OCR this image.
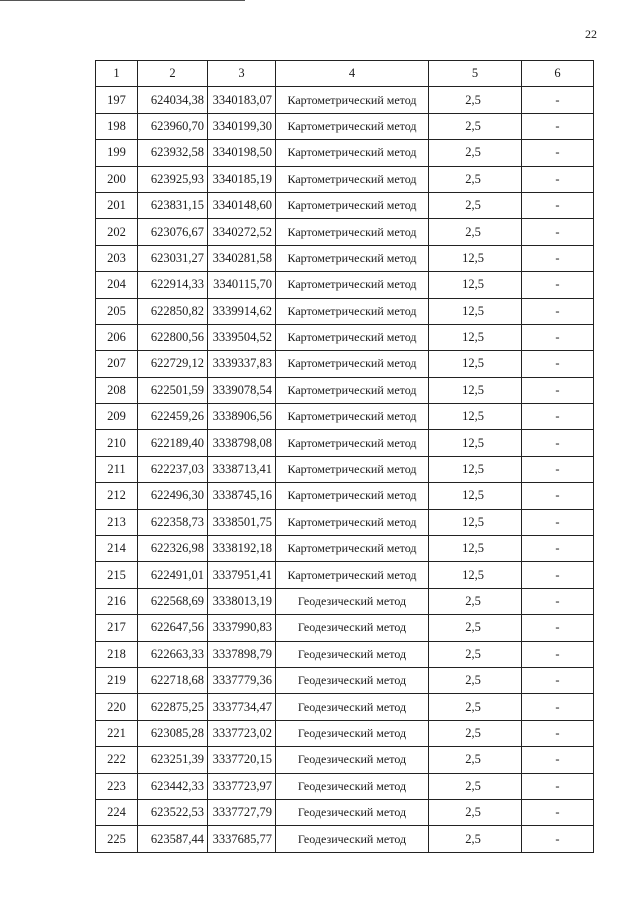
22
1	2	3	4	5	6
197	624034,38	3340183,07	Картометрический метод	2,5	-
198	623960,70	3340199,30	Картометрический метод	2,5	-
199	623932,58	3340198,50	Картометрический метод	2,5	-
200	623925,93	3340185,19	Картометрический метод	2,5	-
201	623831,15	3340148,60	Картометрический метод	2,5	-
202	623076,67	3340272,52	Картометрический метод	2,5	-
203	623031,27	3340281,58	Картометрический метод	12,5	-
204	622914,33	3340115,70	Картометрический метод	12,5	-
205	622850,82	3339914,62	Картометрический метод	12,5	-
206	622800,56	3339504,52	Картометрический метод	12,5	-
207	622729,12	3339337,83	Картометрический метод	12,5	-
208	622501,59	3339078,54	Картометрический метод	12,5	-
209	622459,26	3338906,56	Картометрический метод	12,5	-
210	622189,40	3338798,08	Картометрический метод	12,5	-
211	622237,03	3338713,41	Картометрический метод	12,5	-
212	622496,30	3338745,16	Картометрический метод	12,5	-
213	622358,73	3338501,75	Картометрический метод	12,5	-
214	622326,98	3338192,18	Картометрический метод	12,5	-
215	622491,01	3337951,41	Картометрический метод	12,5	-
216	622568,69	3338013,19	Геодезический метод	2,5	-
217	622647,56	3337990,83	Геодезический метод	2,5	-
218	622663,33	3337898,79	Геодезический метод	2,5	-
219	622718,68	3337779,36	Геодезический метод	2,5	-
220	622875,25	3337734,47	Геодезический метод	2,5	-
221	623085,28	3337723,02	Геодезический метод	2,5	-
222	623251,39	3337720,15	Геодезический метод	2,5	-
223	623442,33	3337723,97	Геодезический метод	2,5	-
224	623522,53	3337727,79	Геодезический метод	2,5	-
225	623587,44	3337685,77	Геодезический метод	2,5	-
